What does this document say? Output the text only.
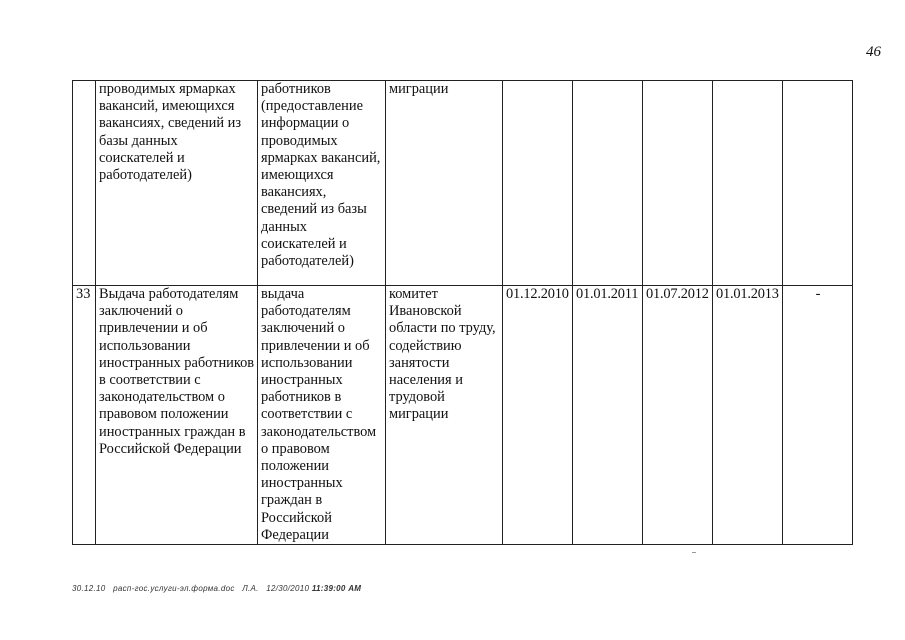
46
	проводимых ярмарках вакансий, имеющихся вакансиях, сведений из базы данных соискателей и работодателей)	работников (предоставление информации о проводимых ярмарках вакансий, имеющихся вакансиях, сведений из базы данных соискателей и работодателей)	миграции					
33	Выдача работодателям заключений о привлечении и об использовании иностранных работников в соответствии с законодательством о правовом положении иностранных граждан в Российской Федерации	выдача работодателям заключений о привлечении и об использовании иностранных работников в соответствии с законодательством о правовом положении иностранных граждан в Российской Федерации	комитет Ивановской области по труду, содействию занятости населения и трудовой миграции	01.12.2010	01.01.2011	01.07.2012	01.01.2013	-
30.12.10 расп-гос.услуги-эл.форма.doc Л.А. 12/30/2010 11:39:00 AM
